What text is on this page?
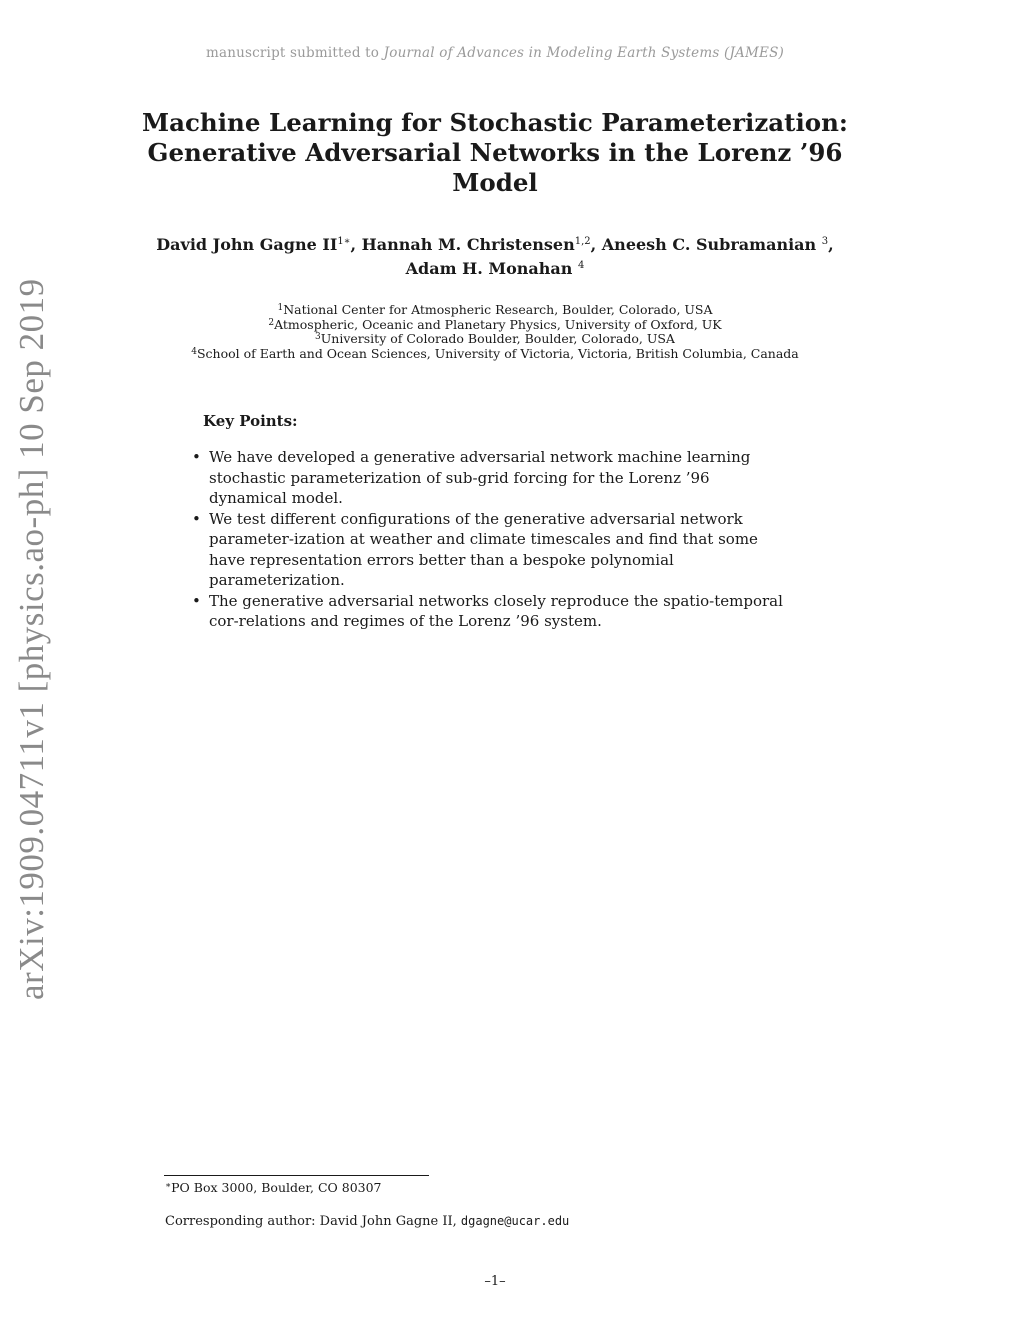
manuscript submitted to Journal of Advances in Modeling Earth Systems (JAMES)
Machine Learning for Stochastic Parameterization:
Generative Adversarial Networks in the Lorenz ’96
Model
David John Gagne $II^{1∗}$, Hannah M. Christensen$^{1,2}$, Aneesh C. Subramanian $^3$,
Adam H. Monahan $^4$
$^1$National Center for Atmospheric Research, Boulder, Colorado, USA
$^2$Atmospheric, Oceanic and Planetary Physics, University of Oxford, UK
$^3$University of Colorado Boulder, Boulder, Colorado, USA
$^4$School of Earth and Ocean Sciences, University of Victoria, Victoria, British Columbia, Canada
Key Points:
• We have developed a generative adversarial network machine learning stochastic parameterization of sub-grid forcing for the Lorenz ’96 dynamical model.
• We test different configurations of the generative adversarial network parameter-ization at weather and climate timescales and find that some have representation errors better than a bespoke polynomial parameterization.
• The generative adversarial networks closely reproduce the spatio-temporal cor-relations and regimes of the Lorenz ’96 system.
arXiv:1909.04711v1 [physics.ao-ph] 10 Sep 2019
∗PO Box 3000, Boulder, CO 80307
Corresponding author: David John Gagne II, dgagne@ucar.edu
–1–
